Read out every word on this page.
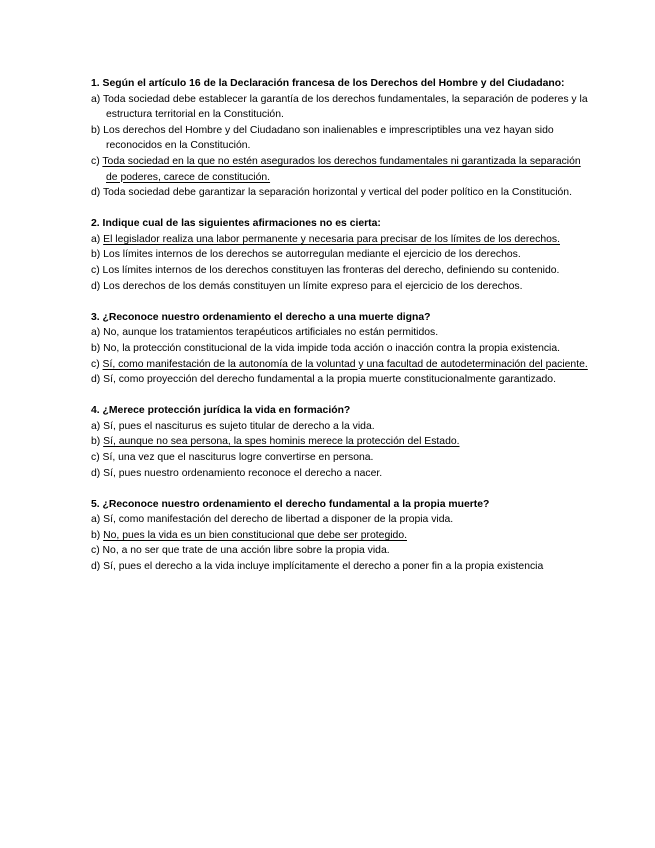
1. Según el artículo 16 de la Declaración francesa de los Derechos del Hombre y del Ciudadano:
a) Toda sociedad debe establecer la garantía de los derechos fundamentales, la separación de poderes y la estructura territorial en la Constitución.
b) Los derechos del Hombre y del Ciudadano son inalienables e imprescriptibles una vez hayan sido reconocidos en la Constitución.
c) Toda sociedad en la que no estén asegurados los derechos fundamentales ni garantizada la separación de poderes, carece de constitución.
d) Toda sociedad debe garantizar la separación horizontal y vertical del poder político en la Constitución.
2. Indique cual de las siguientes afirmaciones no es cierta:
a) El legislador realiza una labor permanente y necesaria para precisar de los límites de los derechos.
b) Los límites internos de los derechos se autorregulan mediante el ejercicio de los derechos.
c) Los límites internos de los derechos constituyen las fronteras del derecho, definiendo su contenido.
d) Los derechos de los demás constituyen un límite expreso para el ejercicio de los derechos.
3. ¿Reconoce nuestro ordenamiento el derecho a una muerte digna?
a) No, aunque los tratamientos terapéuticos artificiales no están permitidos.
b) No, la protección constitucional de la vida impide toda acción o inacción contra la propia existencia.
c) Sí, como manifestación de la autonomía de la voluntad y una facultad de autodeterminación del paciente.
d) Sí, como proyección del derecho fundamental a la propia muerte constitucionalmente garantizado.
4. ¿Merece protección jurídica la vida en formación?
a) Sí, pues el nasciturus es sujeto titular de derecho a la vida.
b) Sí, aunque no sea persona, la spes hominis merece la protección del Estado.
c) Sí, una vez que el nasciturus logre convertirse en persona.
d) Sí, pues nuestro ordenamiento reconoce el derecho a nacer.
5. ¿Reconoce nuestro ordenamiento el derecho fundamental a la propia muerte?
a) Sí, como manifestación del derecho de libertad a disponer de la propia vida.
b) No, pues la vida es un bien constitucional que debe ser protegido.
c) No, a no ser que trate de una acción libre sobre la propia vida.
d) Sí, pues el derecho a la vida incluye implícitamente el derecho a poner fin a la propia existencia
